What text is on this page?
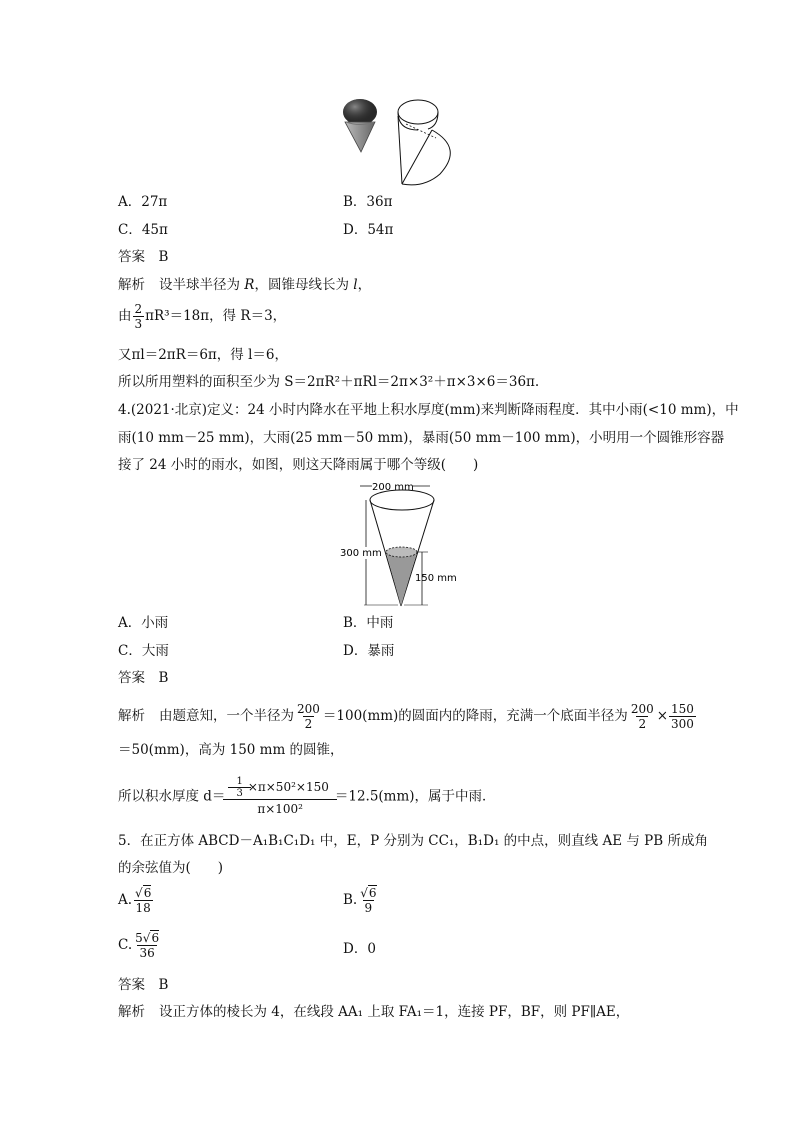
A．27π	B．36π
C．45π	D．54π
答案　B
解析 设半球半径为 R，圆锥母线长为 l，
由 $\frac{2}{3} \pi R^3=18\pi$，得 R＝3，
又πl＝2πR＝6π，得 l＝6，
所以所用塑料的面积至少为 S＝2πR²＋πRl＝2π×3²＋π×3×6＝36π.
4.(2021·北京)定义：24 小时内降水在平地上积水厚度(mm)来判断降雨程度．其中小雨(<10 mm)，中
雨(10 mm－25 mm)，大雨(25 mm－50 mm)，暴雨(50 mm－100 mm)，小明用一个圆锥形容器
接了 24 小时的雨水，如图，则这天降雨属于哪个等级(　　)
200 mm
300 mm
150 mm
A．小雨	B．中雨
C．大雨	D．暴雨
答案　B
解析 由题意知，一个半径为 $\frac{200}{2} =100(mm)$的圆面内的降雨，充满一个底面半径为 $\frac{200}{2} \times \frac{150}{300}$
＝50(mm)，高为 150 mm 的圆锥，
所以积水厚度 $d= \frac{\frac{1}{3} \times\pi\times 50^2\times 150}{\text{π×100²}} =12.5(mm)$，属于中雨．
5．在正方体 ABCD－A₁B₁C₁D₁ 中，E，P 分别为 CC₁，B₁D₁ 的中点，则直线 AE 与 PB 所成角
的余弦值为(　　)
A. $\frac{√6}{18}$	B. $\frac{√6}{9}$
C. $\frac{5√6}{36}$	D．0
答案　B
解析 设正方体的棱长为 4，在线段 AA₁ 上取 FA₁＝1，连接 PF，BF，则 PF∥AE，
